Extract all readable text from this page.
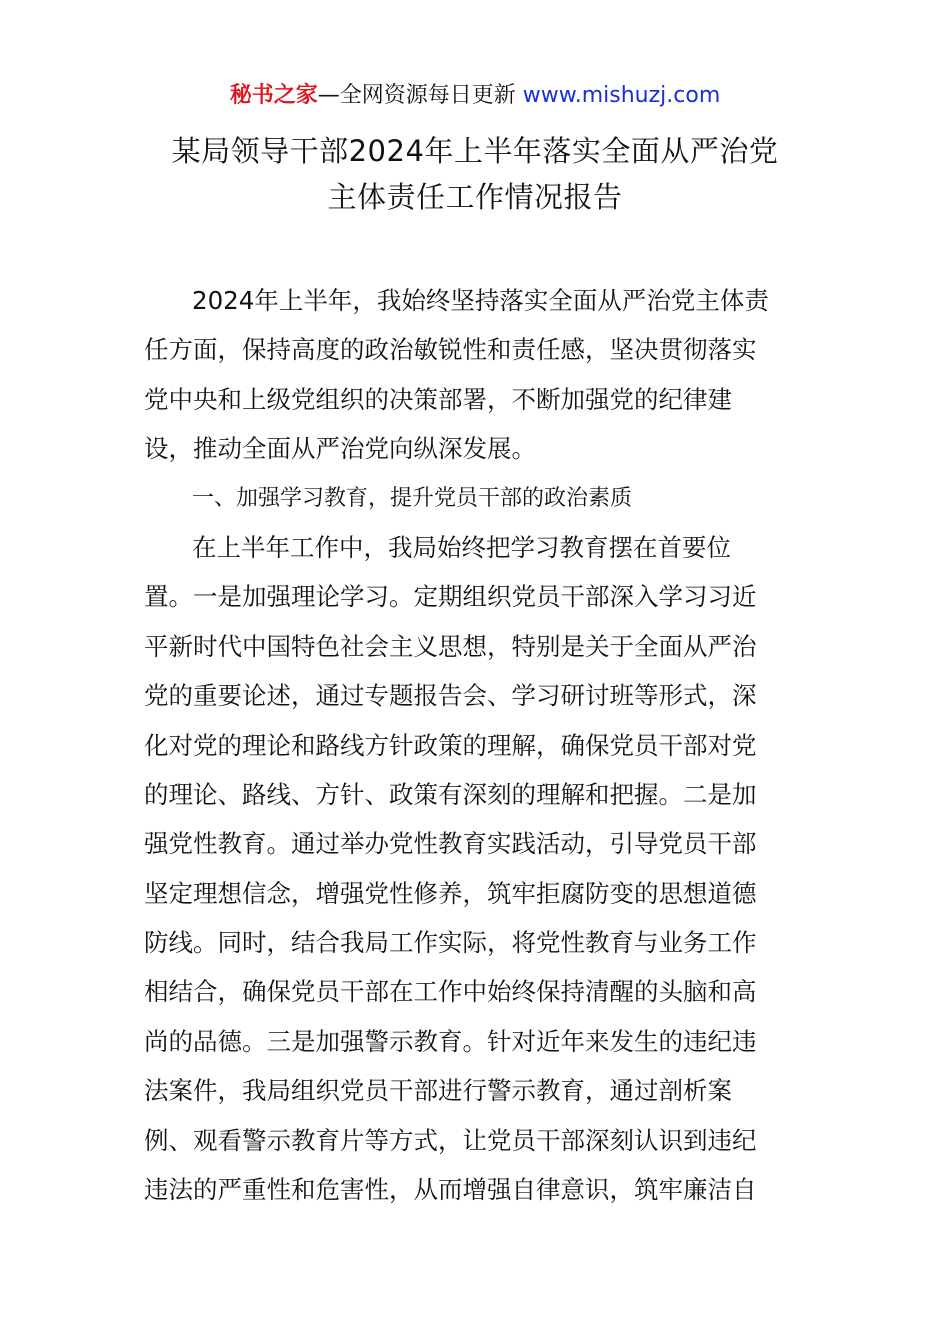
秘书之家—全网资源每日更新 www.mishuzj.com
某局领导干部2024年上半年落实全面从严治党
主体责任工作情况报告
2024年上半年，我始终坚持落实全面从严治党主体责
任方面，保持高度的政治敏锐性和责任感，坚决贯彻落实
党中央和上级党组织的决策部署，不断加强党的纪律建
设，推动全面从严治党向纵深发展。
一、加强学习教育，提升党员干部的政治素质
在上半年工作中，我局始终把学习教育摆在首要位
置。一是加强理论学习。定期组织党员干部深入学习习近
平新时代中国特色社会主义思想，特别是关于全面从严治
党的重要论述，通过专题报告会、学习研讨班等形式，深
化对党的理论和路线方针政策的理解，确保党员干部对党
的理论、路线、方针、政策有深刻的理解和把握。二是加
强党性教育。通过举办党性教育实践活动，引导党员干部
坚定理想信念，增强党性修养，筑牢拒腐防变的思想道德
防线。同时，结合我局工作实际，将党性教育与业务工作
相结合，确保党员干部在工作中始终保持清醒的头脑和高
尚的品德。三是加强警示教育。针对近年来发生的违纪违
法案件，我局组织党员干部进行警示教育，通过剖析案
例、观看警示教育片等方式，让党员干部深刻认识到违纪
违法的严重性和危害性，从而增强自律意识，筑牢廉洁自
